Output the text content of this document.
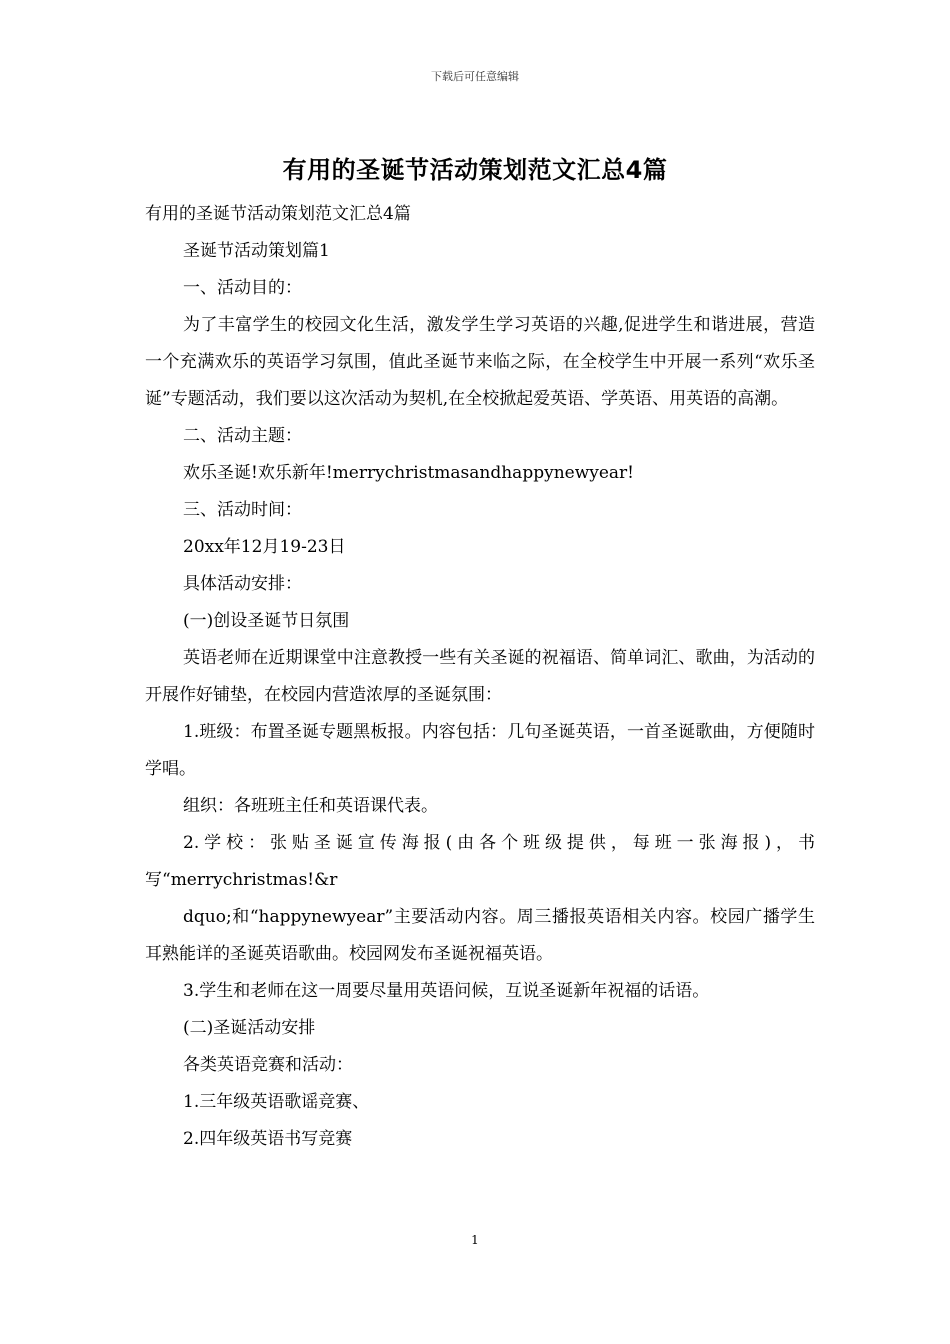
下载后可任意编辑
有用的圣诞节活动策划范文汇总4篇

有用的圣诞节活动策划范文汇总4篇

圣诞节活动策划篇1

一、活动目的：

为了丰富学生的校园文化生活，激发学生学习英语的兴趣,促进学生和谐进展，营造一个充满欢乐的英语学习氛围，值此圣诞节来临之际，在全校学生中开展一系列“欢乐圣诞”专题活动，我们要以这次活动为契机,在全校掀起爱英语、学英语、用英语的高潮。

二、活动主题：

欢乐圣诞!欢乐新年!merrychristmasandhappynewyear!

三、活动时间：

20xx年12月19-23日

具体活动安排：

(一)创设圣诞节日氛围

英语老师在近期课堂中注意教授一些有关圣诞的祝福语、简单词汇、歌曲，为活动的开展作好铺垫，在校园内营造浓厚的圣诞氛围：

1.班级：布置圣诞专题黑板报。内容包括：几句圣诞英语，一首圣诞歌曲，方便随时学唱。

组织：各班班主任和英语课代表。

2.学校：张贴圣诞宣传海报(由各个班级提供，每班一张海报)，书写“merrychristmas!&r

dquo;和“happynewyear”主要活动内容。周三播报英语相关内容。校园广播学生耳熟能详的圣诞英语歌曲。校园网发布圣诞祝福英语。

3.学生和老师在这一周要尽量用英语问候，互说圣诞新年祝福的话语。

(二)圣诞活动安排

各类英语竞赛和活动：

1.三年级英语歌谣竞赛、

2.四年级英语书写竞赛

1
